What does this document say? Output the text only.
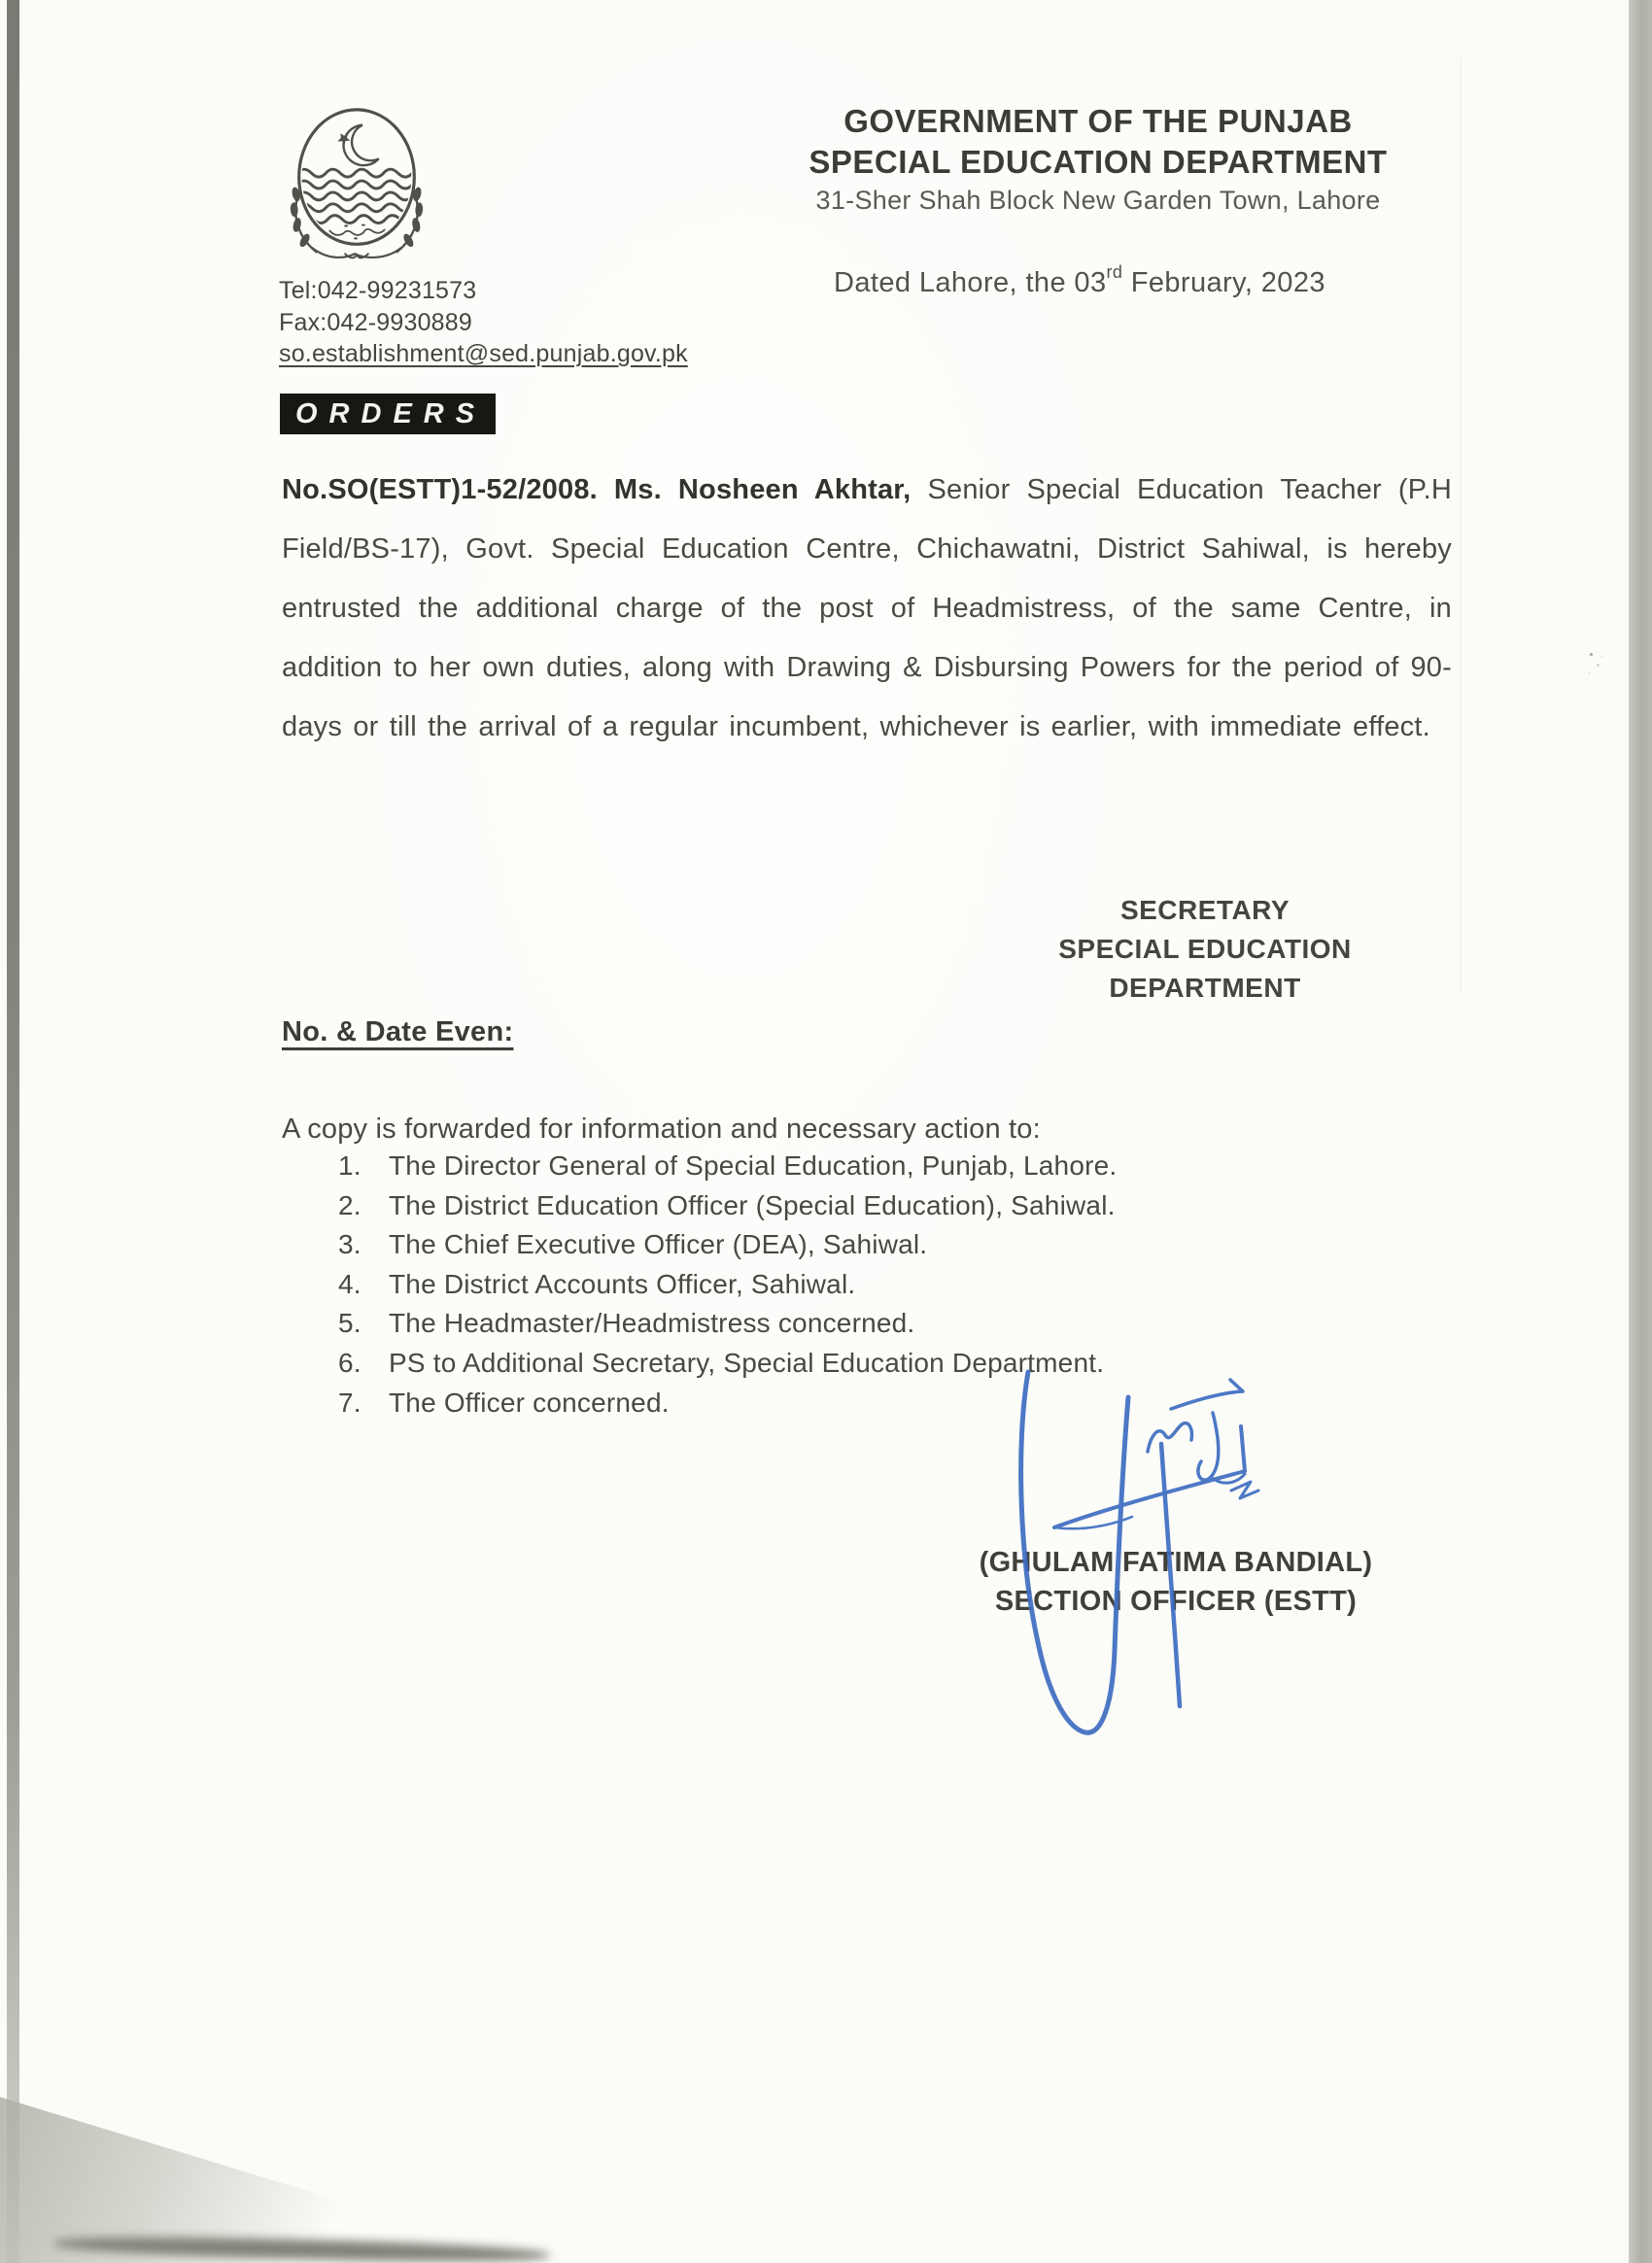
GOVERNMENT OF THE PUNJAB
SPECIAL EDUCATION DEPARTMENT
31-Sher Shah Block New Garden Town, Lahore
Dated Lahore, the 03rd February, 2023
Tel:042-99231573
Fax:042-9930889
so.establishment@sed.punjab.gov.pk
ORDERS
No.SO(ESTT)1-52/2008. Ms. Nosheen Akhtar, Senior Special Education Teacher (P.H Field/BS-17), Govt. Special Education Centre, Chichawatni, District Sahiwal, is hereby entrusted the additional charge of the post of Headmistress, of the same Centre, in addition to her own duties, along with Drawing & Disbursing Powers for the period of 90-days or till the arrival of a regular incumbent, whichever is earlier, with immediate effect.
SECRETARY
SPECIAL EDUCATION
DEPARTMENT
No. & Date Even:
A copy is forwarded for information and necessary action to:
The Director General of Special Education, Punjab, Lahore.
The District Education Officer (Special Education), Sahiwal.
The Chief Executive Officer (DEA), Sahiwal.
The District Accounts Officer, Sahiwal.
The Headmaster/Headmistress concerned.
PS to Additional Secretary, Special Education Department.
The Officer concerned.
(GHULAM FATIMA BANDIAL)
SECTION OFFICER (ESTT)
